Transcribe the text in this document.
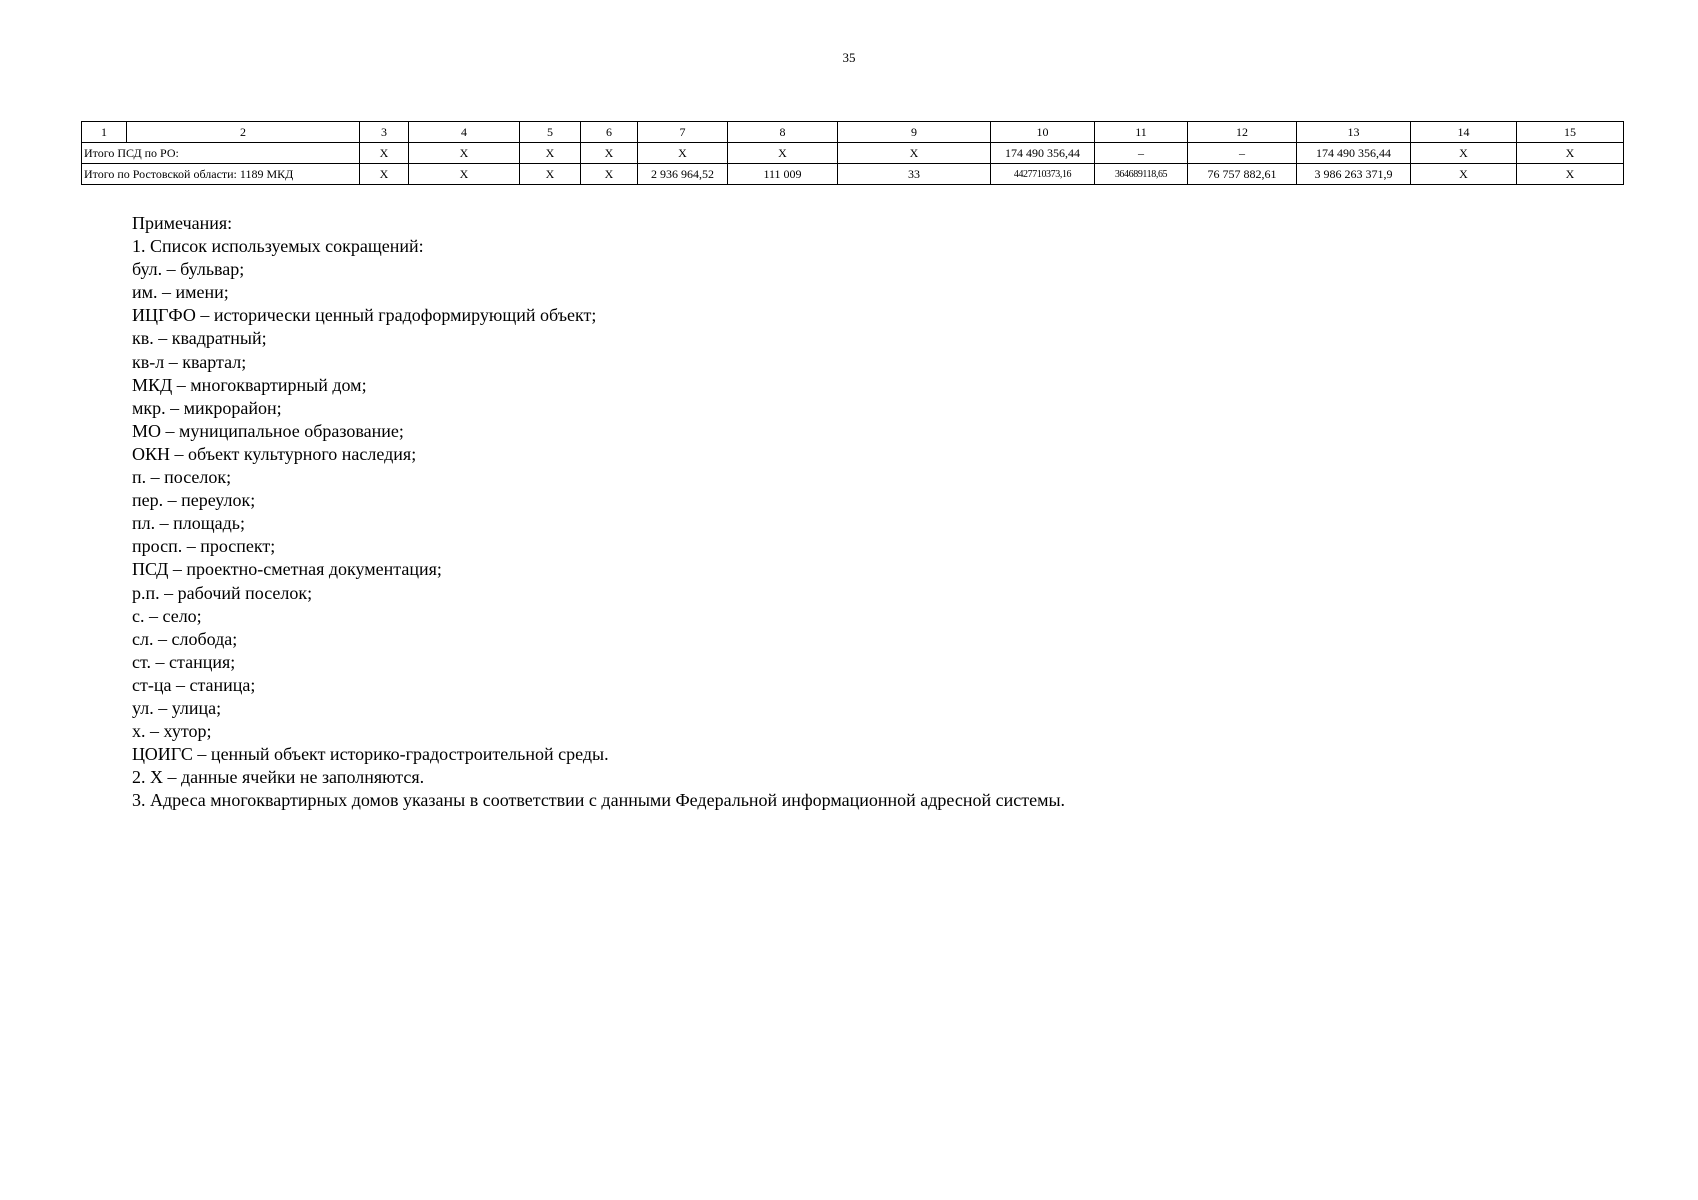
35
1	2	3	4	5	6	7	8	9	10	11	12	13	14	15
Итого ПСД по РО:		Х	Х	Х	Х	Х	Х	Х	174 490 356,44	–	–	174 490 356,44	Х	Х
Итого по Ростовской области: 1189 МКД		Х	Х	Х	Х	2 936 964,52	111 009	33	4427710373,16	364689118,65	76 757 882,61	3 986 263 371,9	Х	Х
Примечания:
1. Список используемых сокращений:
бул. – бульвар;
им. – имени;
ИЦГФО – исторически ценный градоформирующий объект;
кв. – квадратный;
кв-л – квартал;
МКД – многоквартирный дом;
мкр. – микрорайон;
МО – муниципальное образование;
ОКН – объект культурного наследия;
п. – поселок;
пер. – переулок;
пл. – площадь;
просп. – проспект;
ПСД – проектно-сметная документация;
р.п. – рабочий поселок;
с. – село;
сл. – слобода;
ст. – станция;
ст-ца – станица;
ул. – улица;
х. – хутор;
ЦОИГС – ценный объект историко-градостроительной среды.
2. Х – данные ячейки не заполняются.
3. Адреса многоквартирных домов указаны в соответствии с данными Федеральной информационной адресной системы.
